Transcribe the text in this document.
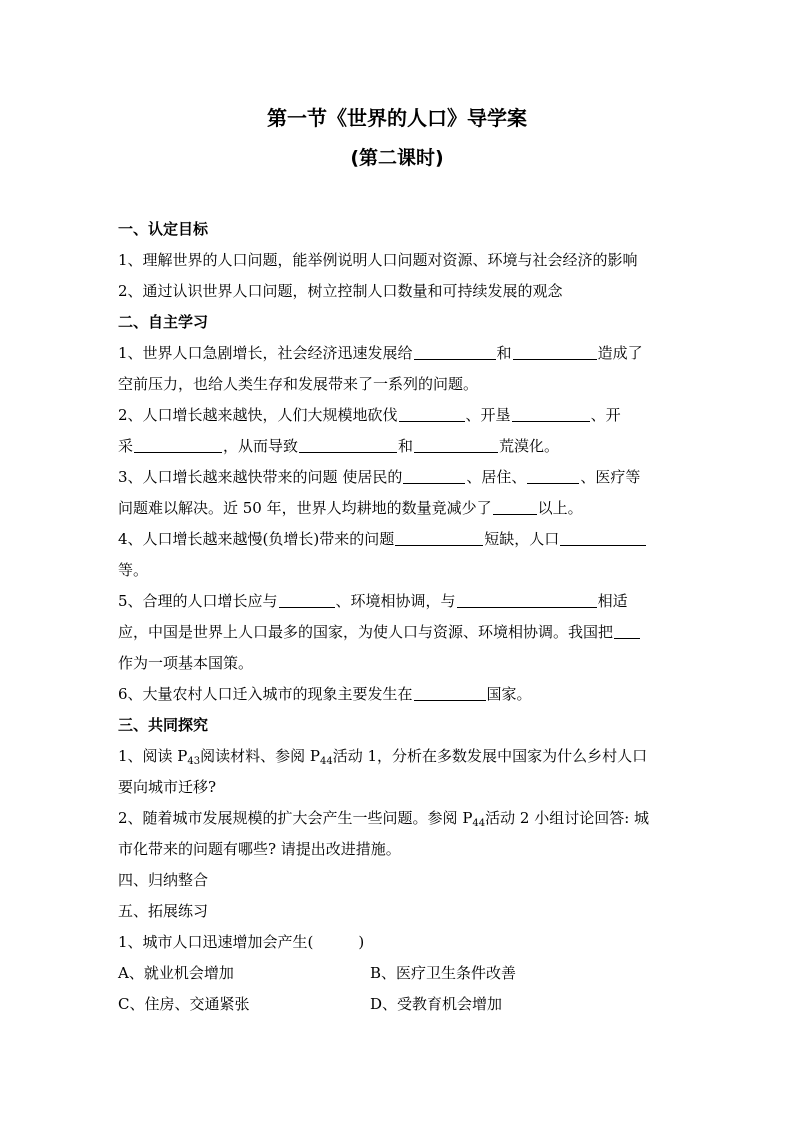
第一节《世界的人口》导学案
(第二课时)
一、认定目标
1、理解世界的人口问题，能举例说明人口问题对资源、环境与社会经济的影响
2、通过认识世界人口问题，树立控制人口数量和可持续发展的观念
二、自主学习
1、世界人口急剧增长，社会经济迅速发展给	和	造成了
空前压力，也给人类生存和发展带来了一系列的问题。
2、人口增长越来越快，人们大规模地砍伐	、开垦	、开
采	，从而导致	和	荒漠化。
3、人口增长越来越快带来的问题 使居民的	、居住、	、医疗等
问题难以解决。近 50 年，世界人均耕地的数量竟减少了	以上。
4、人口增长越来越慢(负增长)带来的问题	短缺，人口
等。
5、合理的人口增长应与	、环境相协调，与	相适
应，中国是世界上人口最多的国家，为使人口与资源、环境相协调。我国把
作为一项基本国策。
6、大量农村人口迁入城市的现象主要发生在	国家。
三、共同探究
1、阅读 $P_{43}$阅读材料、参阅 $P_{44}$活动 1，分析在多数发展中国家为什么乡村人口
要向城市迁移?
2、随着城市发展规模的扩大会产生一些问题。参阅 $P_{44}$活动 2 小组讨论回答: 城
市化带来的问题有哪些? 请提出改进措施。
四、归纳整合
五、拓展练习
1、城市人口迅速增加会产生(　　　)
A、就业机会增加	B、医疗卫生条件改善
C、住房、交通紧张	D、受教育机会增加
